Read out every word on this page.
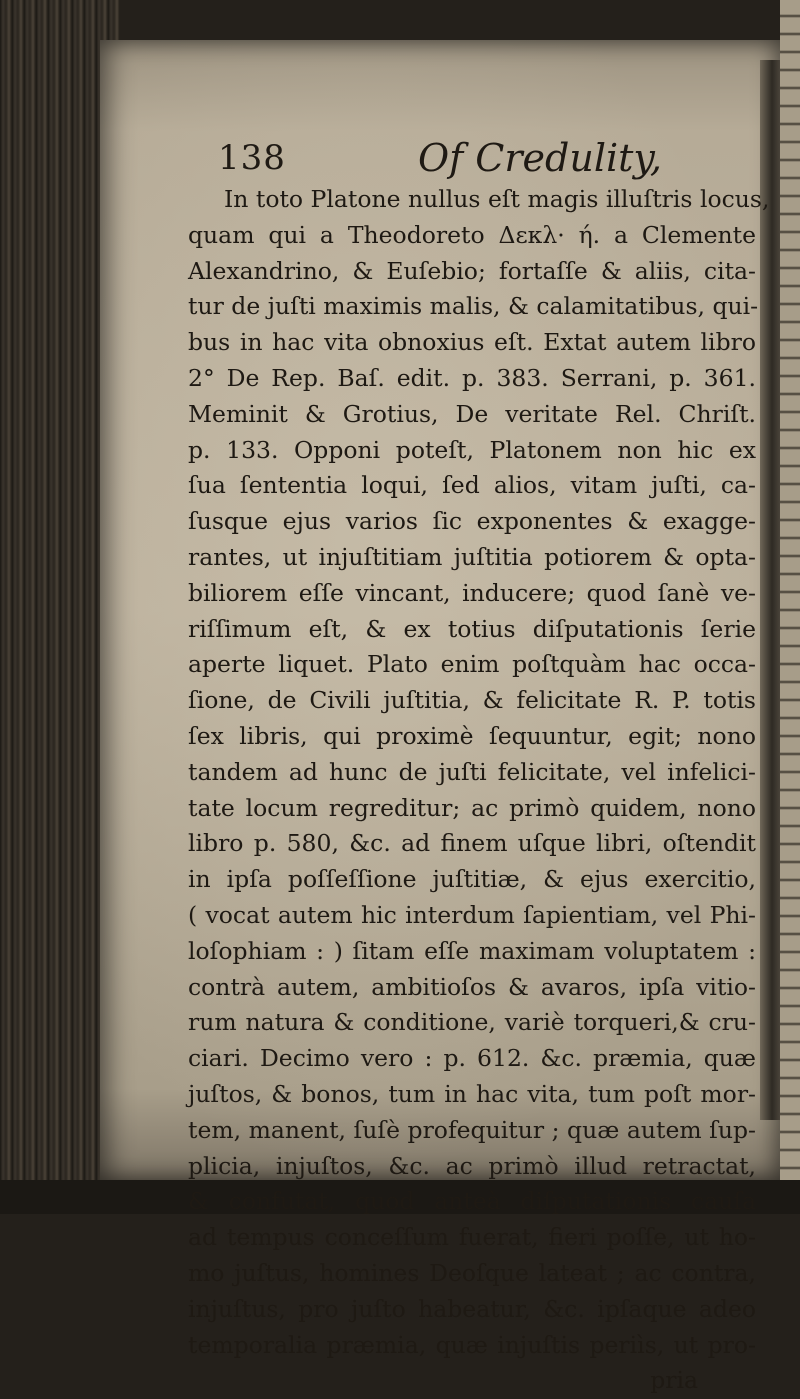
138	Of Credulity,
In toto Platone nullus eſt magis illuſtris locus,
quam qui a Theodoreto Δεκλ· ή. a Clemente
Alexandrino, & Euſebio; fortaſſe & aliis, cita-
tur de juſti maximis malis, & calamitatibus, qui-
bus in hac vita obnoxius eſt. Extat autem libro
2° De Rep. Baſ. edit. p. 383. Serrani, p. 361.
Meminit & Grotius, De veritate Rel. Chriſt.
p. 133. Opponi poteſt, Platonem non hic ex
ſua ſententia loqui, ſed alios, vitam juſti, ca-
ſusque ejus varios ſic exponentes & exagge-
rantes, ut injuſtitiam juſtitia potiorem & opta-
biliorem eſſe vincant, inducere; quod ſanè ve-
riſſimum eſt, & ex totius diſputationis ſerie
aperte liquet. Plato enim poſtquàm hac occa-
ſione, de Civili juſtitia, & felicitate R. P. totis
ſex libris, qui proximè ſequuntur, egit; nono
tandem ad hunc de juſti felicitate, vel infelici-
tate locum regreditur; ac primò quidem, nono
libro p. 580, &c. ad finem uſque libri, oſtendit
in ipſa poſſeſſione juſtitiæ, & ejus exercitio,
( vocat autem hic interdum ſapientiam, vel Phi-
loſophiam : ) ſitam eſſe maximam voluptatem :
contrà autem, ambitioſos & avaros, ipſa vitio-
rum natura & conditione, variè torqueri,& cru-
ciari. Decimo vero : p. 612. &c. præmia, quæ
juſtos, & bonos, tum in hac vita, tum poſt mor-
tem, manent, ſuſè profequitur ; quæ autem ſup-
plicia, injuſtos, &c. ac primò illud retractat,
& confutat, quod anteà diſputationis cauſa
ad tempus conceſſum fuerat, fieri poſſe, ut ho-
mo juſtus, homines Deoſque lateat ; ac contra,
injuſtus, pro juſto habeatur, &c. ipſaque adeo
temporalia præmia, quæ injuſtis periìs, ut pro-
pria
